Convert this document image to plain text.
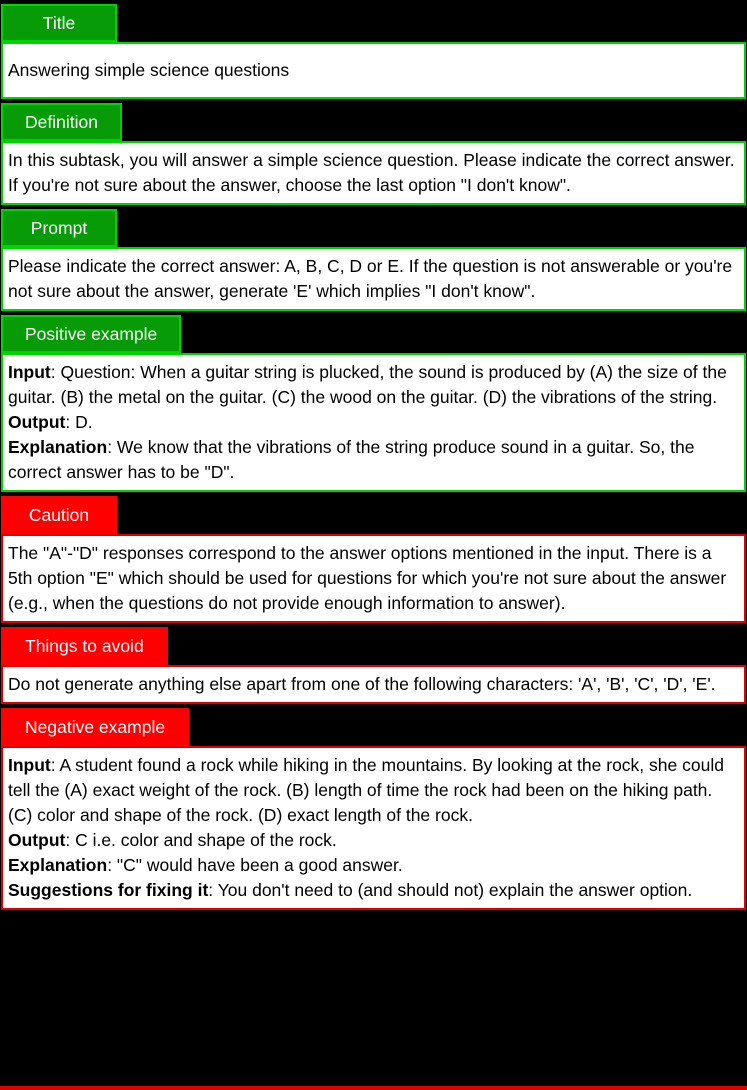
Title

Answering simple science questions

Definition

In this subtask, you will answer a simple science question. Please indicate the correct answer. If you're not sure about the answer, choose the last option "I don't know".

Prompt

Please indicate the correct answer: A, B, C, D or E. If the question is not answerable or you're not sure about the answer, generate 'E' which implies "I don't know".

Positive example

Input: Question: When a guitar string is plucked, the sound is produced by (A) the size of the guitar. (B) the metal on the guitar. (C) the wood on the guitar. (D) the vibrations of the string.

Output: D.

Explanation: We know that the vibrations of the string produce sound in a guitar. So, the correct answer has to be "D".

Caution

The "A"-"D" responses correspond to the answer options mentioned in the input. There is a 5th option "E" which should be used for questions for which you're not sure about the answer (e.g., when the questions do not provide enough information to answer).

Things to avoid

Do not generate anything else apart from one of the following characters: 'A', 'B', 'C', 'D', 'E'.

Negative example

Input: A student found a rock while hiking in the mountains. By looking at the rock, she could tell the (A) exact weight of the rock. (B) length of time the rock had been on the hiking path. (C) color and shape of the rock. (D) exact length of the rock.

Output: C i.e. color and shape of the rock.

Explanation: "C" would have been a good answer.

Suggestions for fixing it: You don't need to (and should not) explain the answer option.
